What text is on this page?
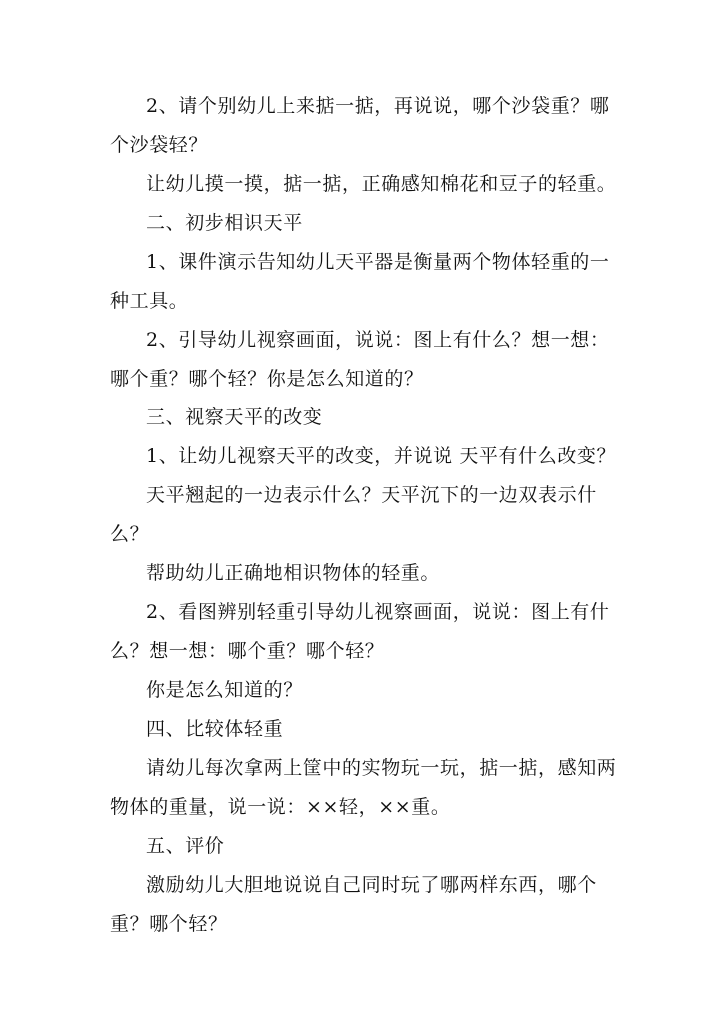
2、请个别幼儿上来掂一掂，再说说，哪个沙袋重？哪
个沙袋轻？
让幼儿摸一摸，掂一掂，正确感知棉花和豆子的轻重。
二、初步相识天平
1、课件演示告知幼儿天平器是衡量两个物体轻重的一
种工具。
2、引导幼儿视察画面，说说：图上有什么？想一想：
哪个重？哪个轻？你是怎么知道的？
三、视察天平的改变
1、让幼儿视察天平的改变，并说说 天平有什么改变？
天平翘起的一边表示什么？天平沉下的一边双表示什
么？
帮助幼儿正确地相识物体的轻重。
2、看图辨别轻重引导幼儿视察画面，说说：图上有什
么？想一想：哪个重？哪个轻？
你是怎么知道的？
四、比较体轻重
请幼儿每次拿两上筐中的实物玩一玩，掂一掂，感知两
物体的重量，说一说：××轻，××重。
五、评价
激励幼儿大胆地说说自己同时玩了哪两样东西，哪个
重？哪个轻？
